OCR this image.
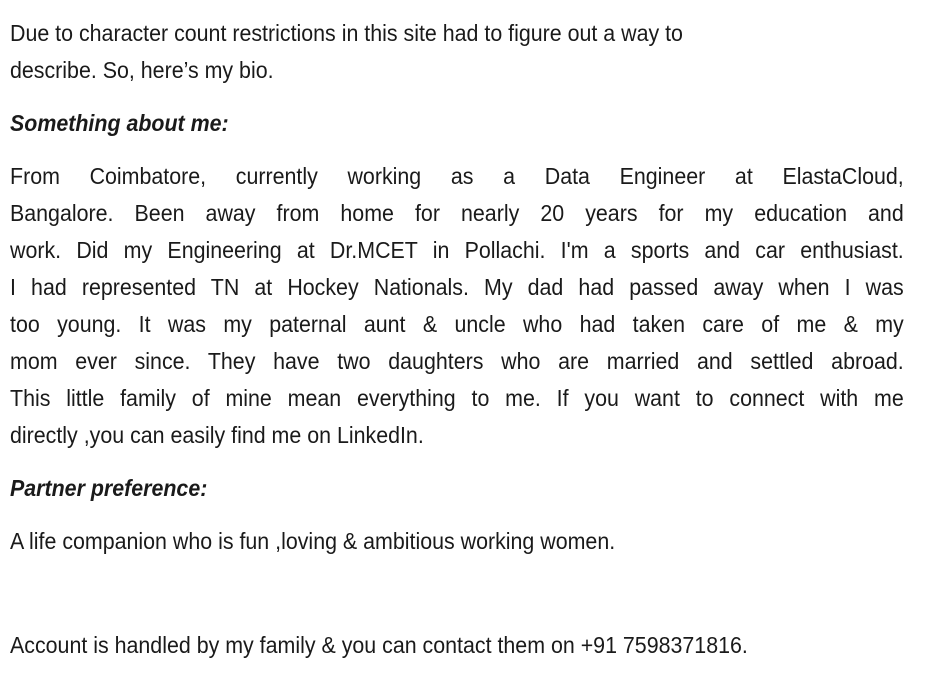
Due to character count restrictions in this site had to figure out a way to
describe. So, here’s my bio.

Something about me:

From Coimbatore, currently working as a Data Engineer at ElastaCloud,
Bangalore. Been away from home for nearly 20 years for my education and
work. Did my Engineering at Dr.MCET in Pollachi. I'm a sports and car enthusiast.
I had represented TN at Hockey Nationals. My dad had passed away when I was
too young. It was my paternal aunt & uncle who had taken care of me & my
mom ever since. They have two daughters who are married and settled abroad.
This little family of mine mean everything to me. If you want to connect with me
directly ,you can easily find me on LinkedIn.

Partner preference:

A life companion who is fun ,loving & ambitious working women.

Account is handled by my family & you can contact them on +91 7598371816.
